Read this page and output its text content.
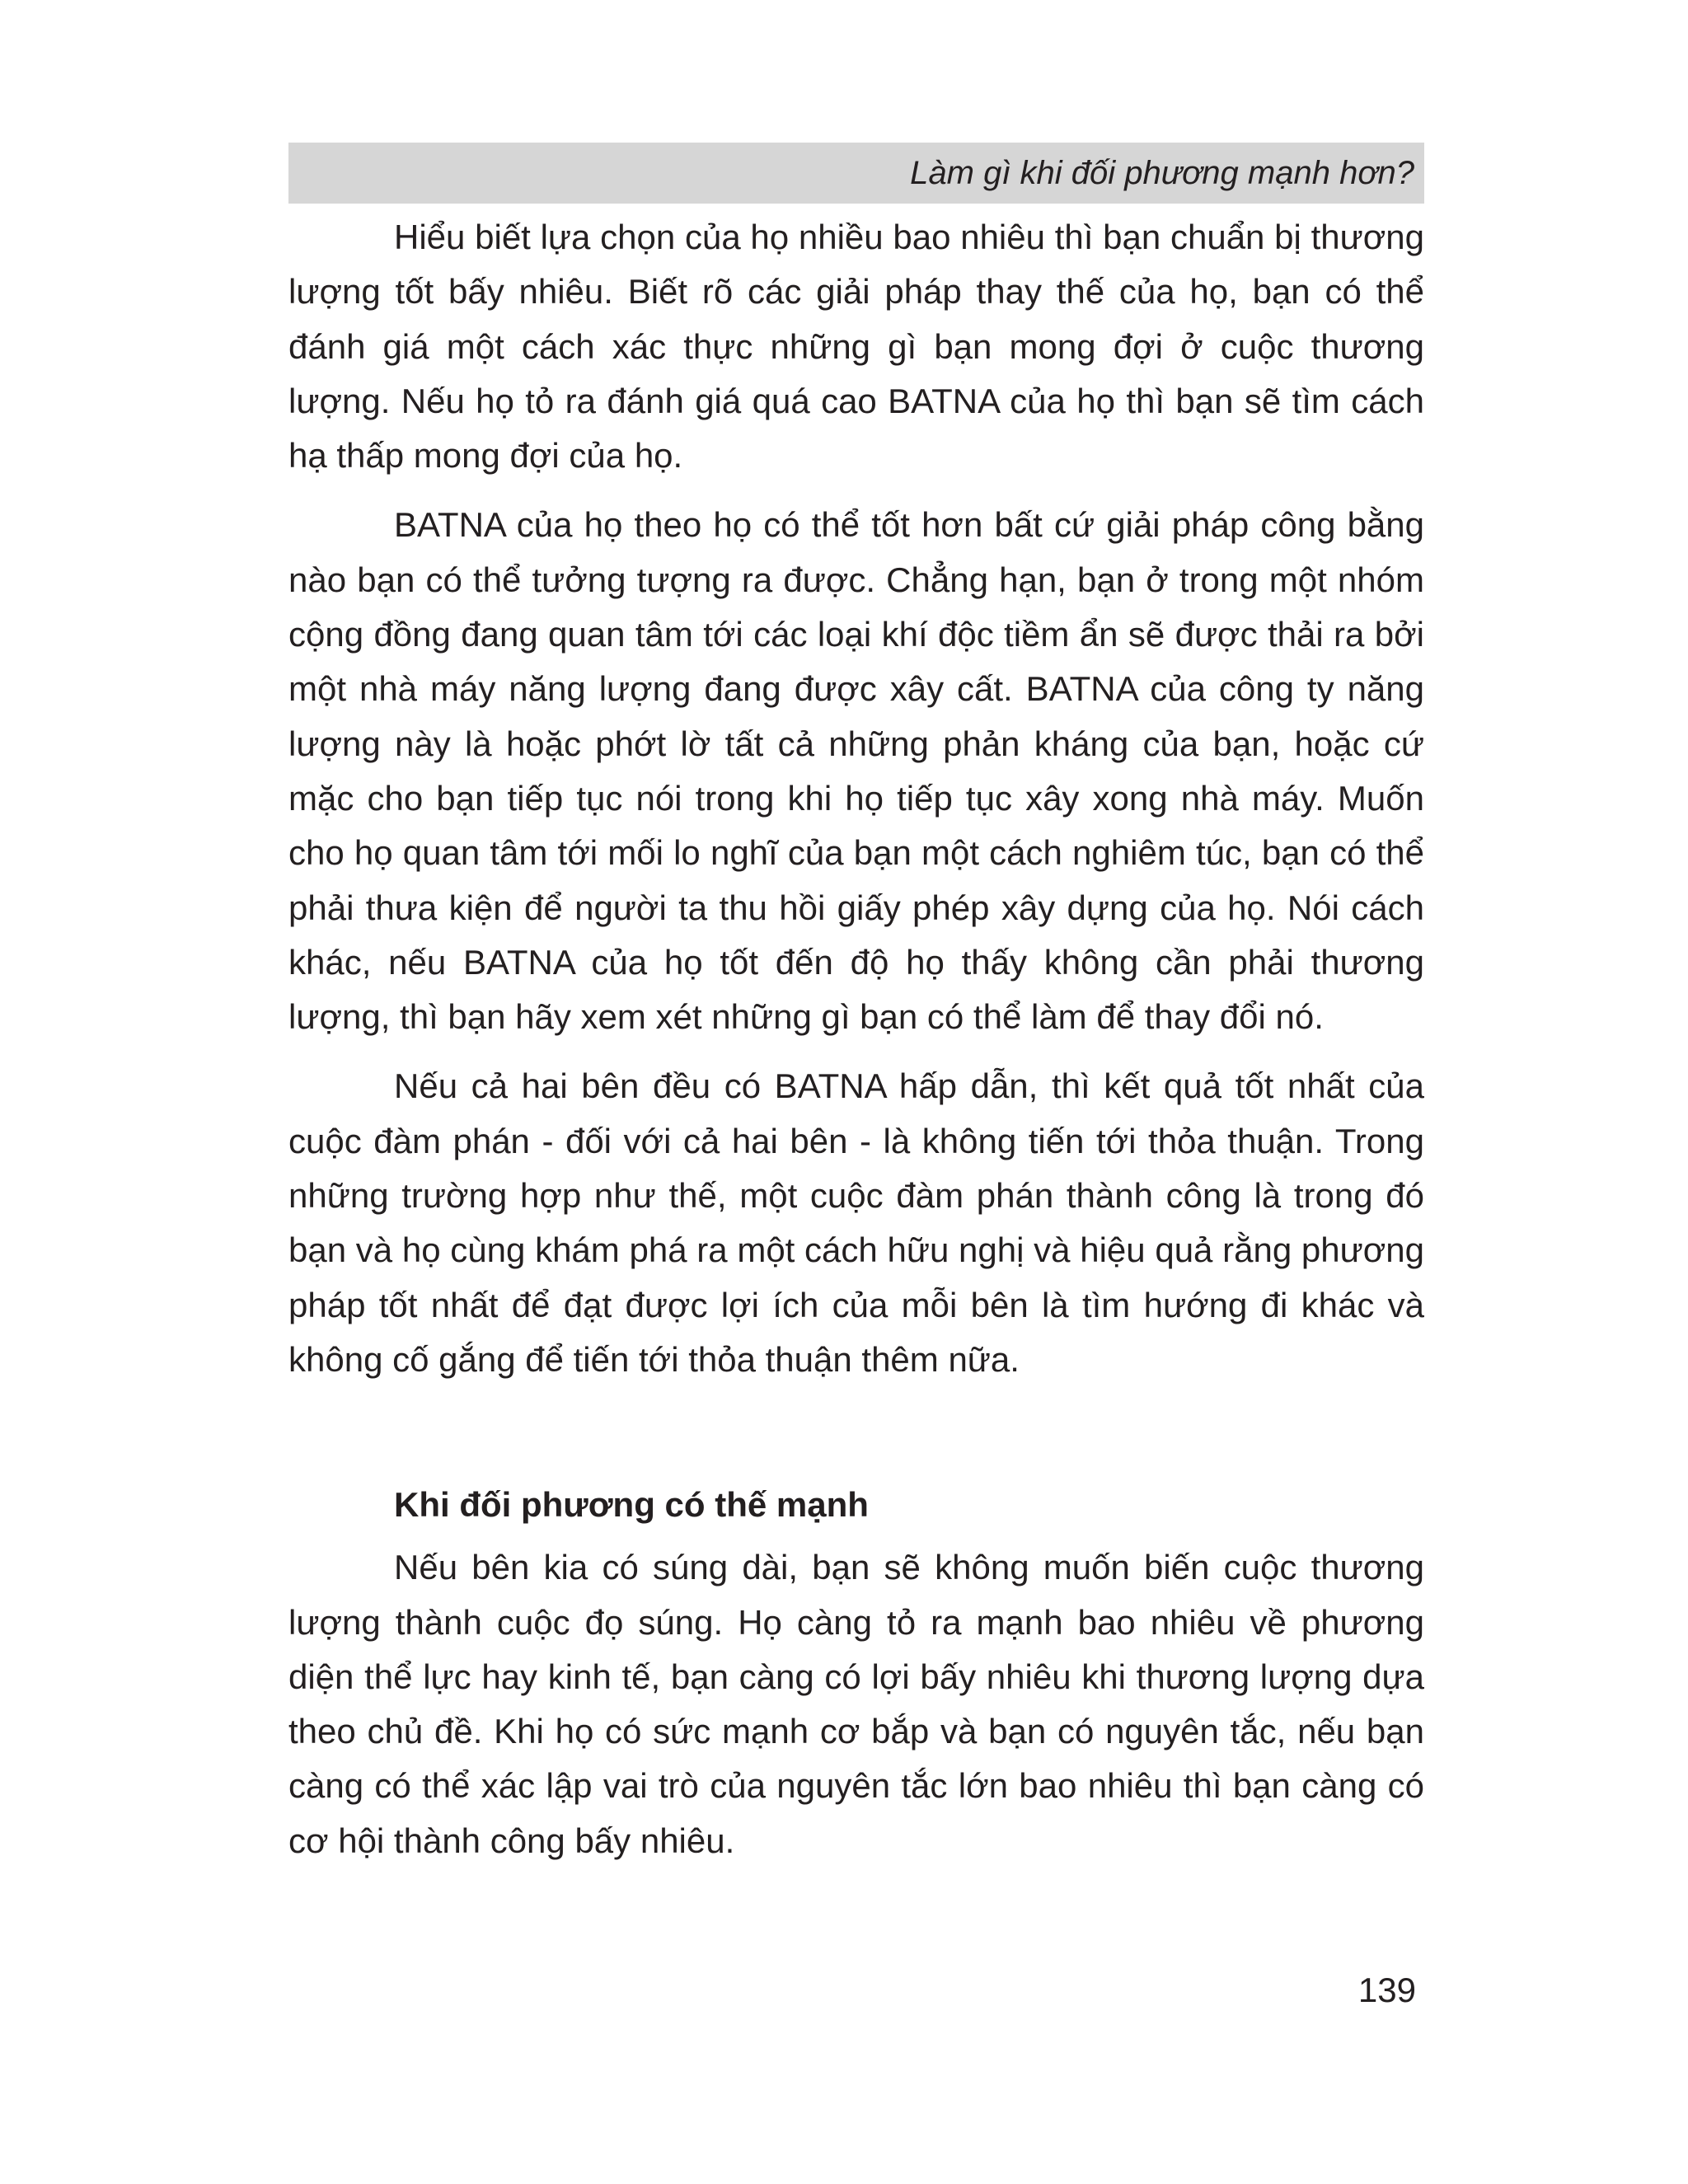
Làm gì khi đối phương mạnh hơn?

Hiểu biết lựa chọn của họ nhiều bao nhiêu thì bạn chuẩn bị thương lượng tốt bấy nhiêu. Biết rõ các giải pháp thay thế của họ, bạn có thể đánh giá một cách xác thực những gì bạn mong đợi ở cuộc thương lượng. Nếu họ tỏ ra đánh giá quá cao BATNA của họ thì bạn sẽ tìm cách hạ thấp mong đợi của họ.

BATNA của họ theo họ có thể tốt hơn bất cứ giải pháp công bằng nào bạn có thể tưởng tượng ra được. Chẳng hạn, bạn ở trong một nhóm cộng đồng đang quan tâm tới các loại khí độc tiềm ẩn sẽ được thải ra bởi một nhà máy năng lượng đang được xây cất. BATNA của công ty năng lượng này là hoặc phớt lờ tất cả những phản kháng của bạn, hoặc cứ mặc cho bạn tiếp tục nói trong khi họ tiếp tục xây xong nhà máy. Muốn cho họ quan tâm tới mối lo nghĩ của bạn một cách nghiêm túc, bạn có thể phải thưa kiện để người ta thu hồi giấy phép xây dựng của họ. Nói cách khác, nếu BATNA của họ tốt đến độ họ thấy không cần phải thương lượng, thì bạn hãy xem xét những gì bạn có thể làm để thay đổi nó.

Nếu cả hai bên đều có BATNA hấp dẫn, thì kết quả tốt nhất của cuộc đàm phán - đối với cả hai bên - là không tiến tới thỏa thuận. Trong những trường hợp như thế, một cuộc đàm phán thành công là trong đó bạn và họ cùng khám phá ra một cách hữu nghị và hiệu quả rằng phương pháp tốt nhất để đạt được lợi ích của mỗi bên là tìm hướng đi khác và không cố gắng để tiến tới thỏa thuận thêm nữa.

Khi đối phương có thế mạnh

Nếu bên kia có súng dài, bạn sẽ không muốn biến cuộc thương lượng thành cuộc đọ súng. Họ càng tỏ ra mạnh bao nhiêu về phương diện thể lực hay kinh tế, bạn càng có lợi bấy nhiêu khi thương lượng dựa theo chủ đề. Khi họ có sức mạnh cơ bắp và bạn có nguyên tắc, nếu bạn càng có thể xác lập vai trò của nguyên tắc lớn bao nhiêu thì bạn càng có cơ hội thành công bấy nhiêu.

139
